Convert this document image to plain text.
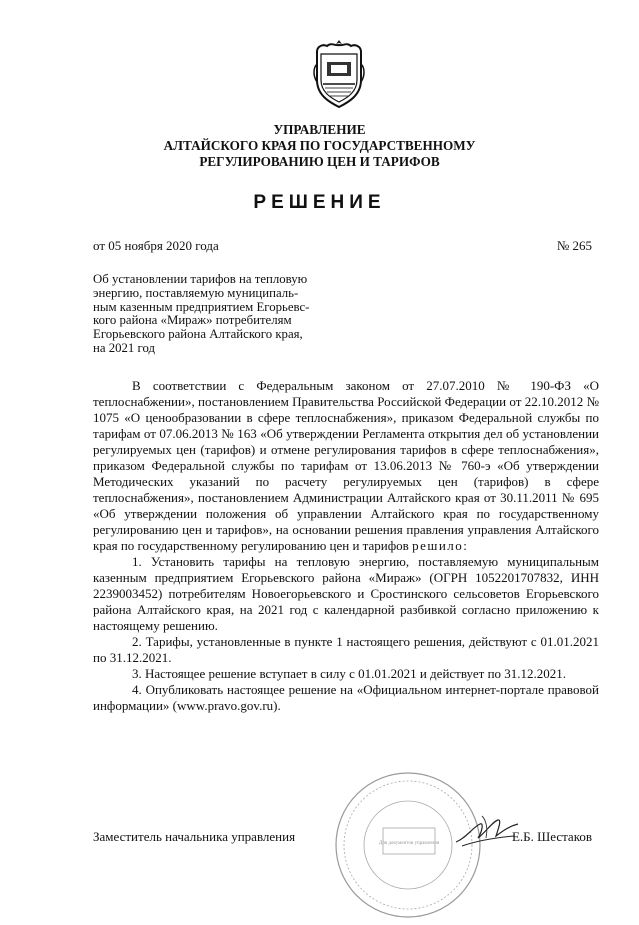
УПРАВЛЕНИЕ
АЛТАЙСКОГО КРАЯ ПО ГОСУДАРСТВЕННОМУ
РЕГУЛИРОВАНИЮ ЦЕН И ТАРИФОВ
РЕШЕНИЕ
от 05 ноября 2020 года	№ 265
Об установлении тарифов на тепловую
энергию, поставляемую муниципаль-
ным казенным предприятием Егорьевс-
кого района «Мираж» потребителям
Егорьевского района Алтайского края,
на 2021 год

В соответствии с Федеральным законом от 27.07.2010 № 190-ФЗ «О теплоснабжении», постановлением Правительства Российской Федерации от 22.10.2012 № 1075 «О ценообразовании в сфере теплоснабжения», приказом Федеральной службы по тарифам от 07.06.2013 № 163 «Об утверждении Регламента открытия дел об установлении регулируемых цен (тарифов) и отмене регулирования тарифов в сфере теплоснабжения», приказом Федеральной службы по тарифам от 13.06.2013 № 760-э «Об утверждении Методических указаний по расчету регулируемых цен (тарифов) в сфере теплоснабжения», постановлением Администрации Алтайского края от 30.11.2011 № 695 «Об утверждении положения об управлении Алтайского края по государственному регулированию цен и тарифов», на основании решения правления управления Алтайского края по государственному регулированию цен и тарифов решило:

1. Установить тарифы на тепловую энергию, поставляемую муниципальным казенным предприятием Егорьевского района «Мираж» (ОГРН 1052201707832, ИНН 2239003452) потребителям Новоегорьевского и Сростинского сельсоветов Егорьевского района Алтайского края, на 2021 год с календарной разбивкой согласно приложению к настоящему решению.

2. Тарифы, установленные в пункте 1 настоящего решения, действуют с 01.01.2021 по 31.12.2021.

3. Настоящее решение вступает в силу с 01.01.2021 и действует по 31.12.2021.

4. Опубликовать настоящее решение на «Официальном интернет-портале правовой информации» (www.pravo.gov.ru).

Для документов управления
Заместитель начальника управления	Е.Б. Шестаков
